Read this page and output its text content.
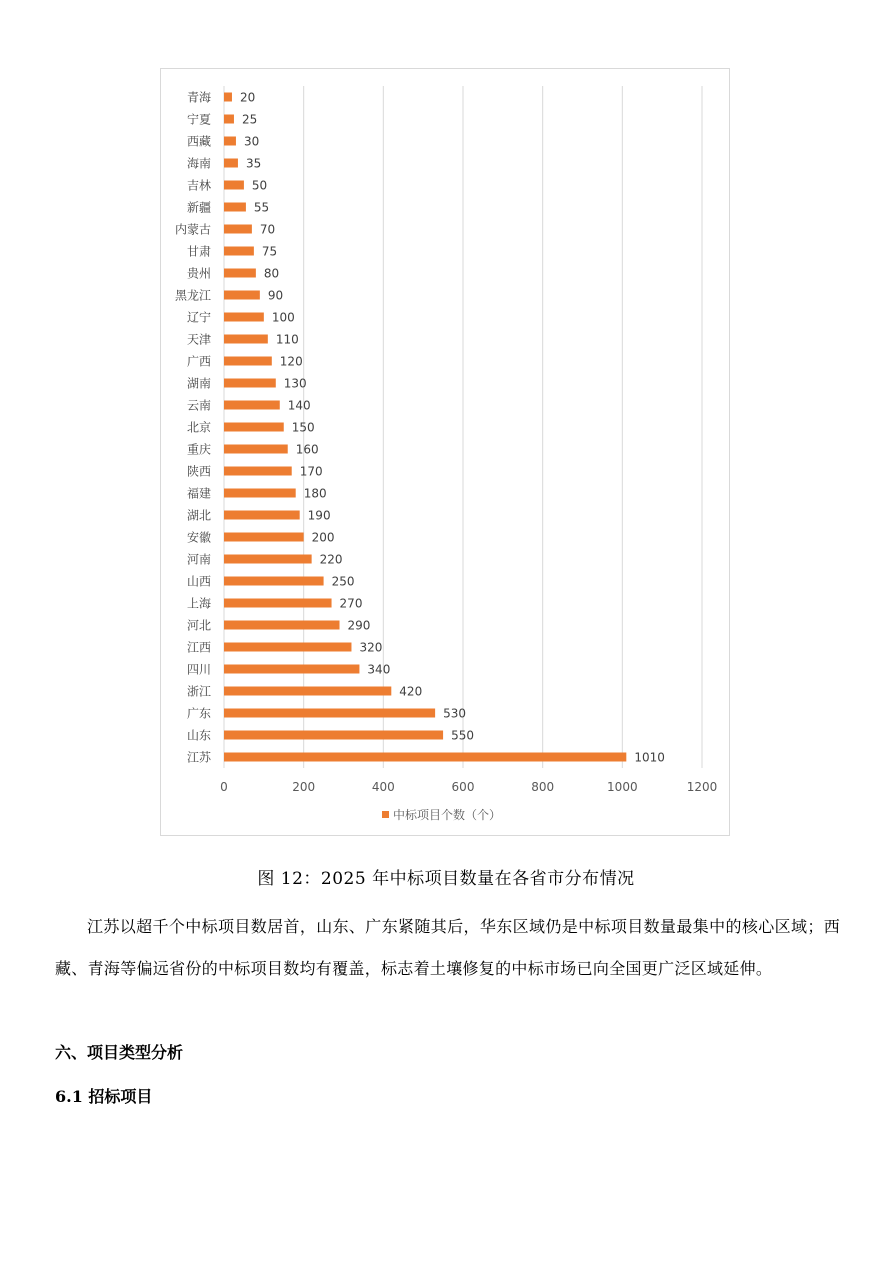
0	200	400	600	800	1000	1200
江苏	1010
山东	550
广东	530
浙江	420
四川	340
江西	320
河北	290
上海	270
山西	250
河南	220
安徽	200
湖北	190
福建	180
陕西	170
重庆	160
北京	150
云南	140
湖南	130
广西	120
天津	110
辽宁	100
黑龙江	90
贵州	80
甘肃	75
内蒙古	70
新疆	55
吉林	50
海南	35
西藏	30
宁夏	25
青海 20
中标项目个数（个）
图 12：2025 年中标项目数量在各省市分布情况

江苏以超千个中标项目数居首，山东、广东紧随其后，华东区域仍是中标项目数量最集中的核心区域；西藏、青海等偏远省份的中标项目数均有覆盖，标志着土壤修复的中标市场已向全国更广泛区域延伸。

六、项目类型分析
6.1 招标项目
